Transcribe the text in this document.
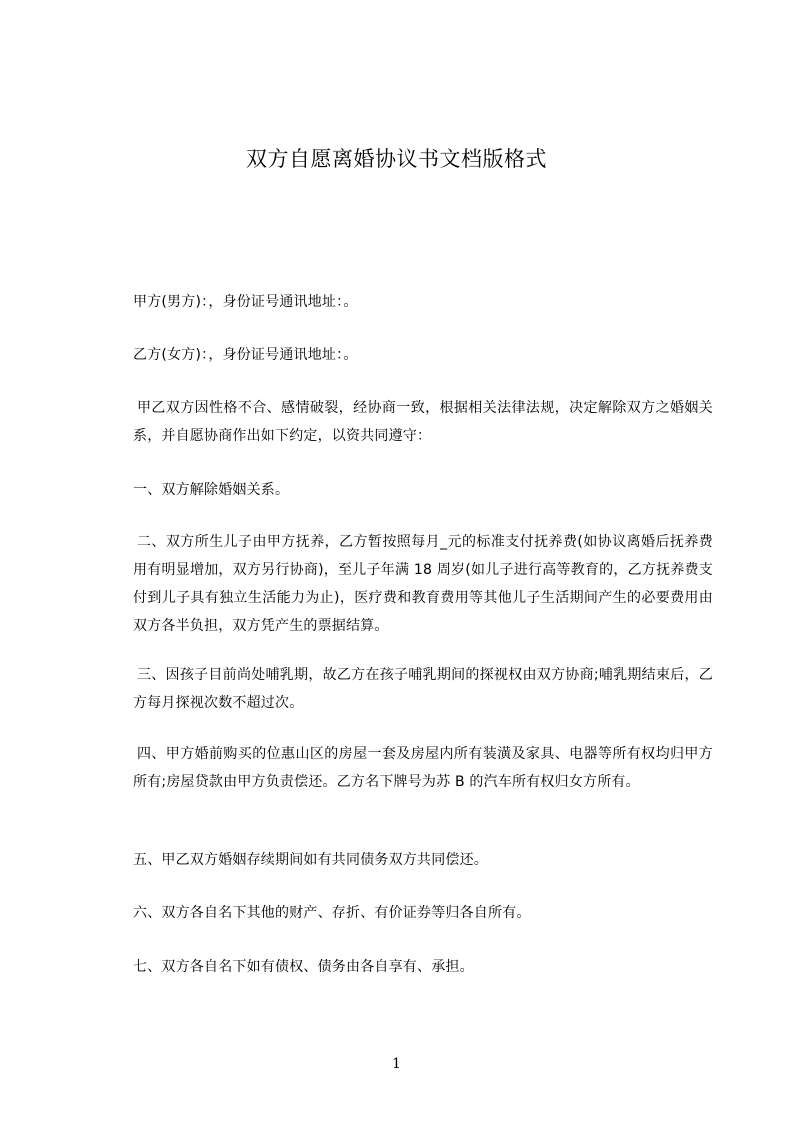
双方自愿离婚协议书文档版格式

甲方(男方)：，身份证号通讯地址：。

乙方(女方)：，身份证号通讯地址：。

甲乙双方因性格不合、感情破裂，经协商一致，根据相关法律法规，决定解除双方之婚姻关系，并自愿协商作出如下约定，以资共同遵守：

一、双方解除婚姻关系。

二、双方所生儿子由甲方抚养，乙方暂按照每月_元的标准支付抚养费(如协议离婚后抚养费用有明显增加，双方另行协商)，至儿子年满 18 周岁(如儿子进行高等教育的，乙方抚养费支付到儿子具有独立生活能力为止)，医疗费和教育费用等其他儿子生活期间产生的必要费用由双方各半负担，双方凭产生的票据结算。

三、因孩子目前尚处哺乳期，故乙方在孩子哺乳期间的探视权由双方协商;哺乳期结束后，乙方每月探视次数不超过次。

四、甲方婚前购买的位惠山区的房屋一套及房屋内所有装潢及家具、电器等所有权均归甲方所有;房屋贷款由甲方负责偿还。乙方名下牌号为苏 B 的汽车所有权归女方所有。

五、甲乙双方婚姻存续期间如有共同债务双方共同偿还。

六、双方各自名下其他的财产、存折、有价证券等归各自所有。

七、双方各自名下如有债权、债务由各自享有、承担。

1
